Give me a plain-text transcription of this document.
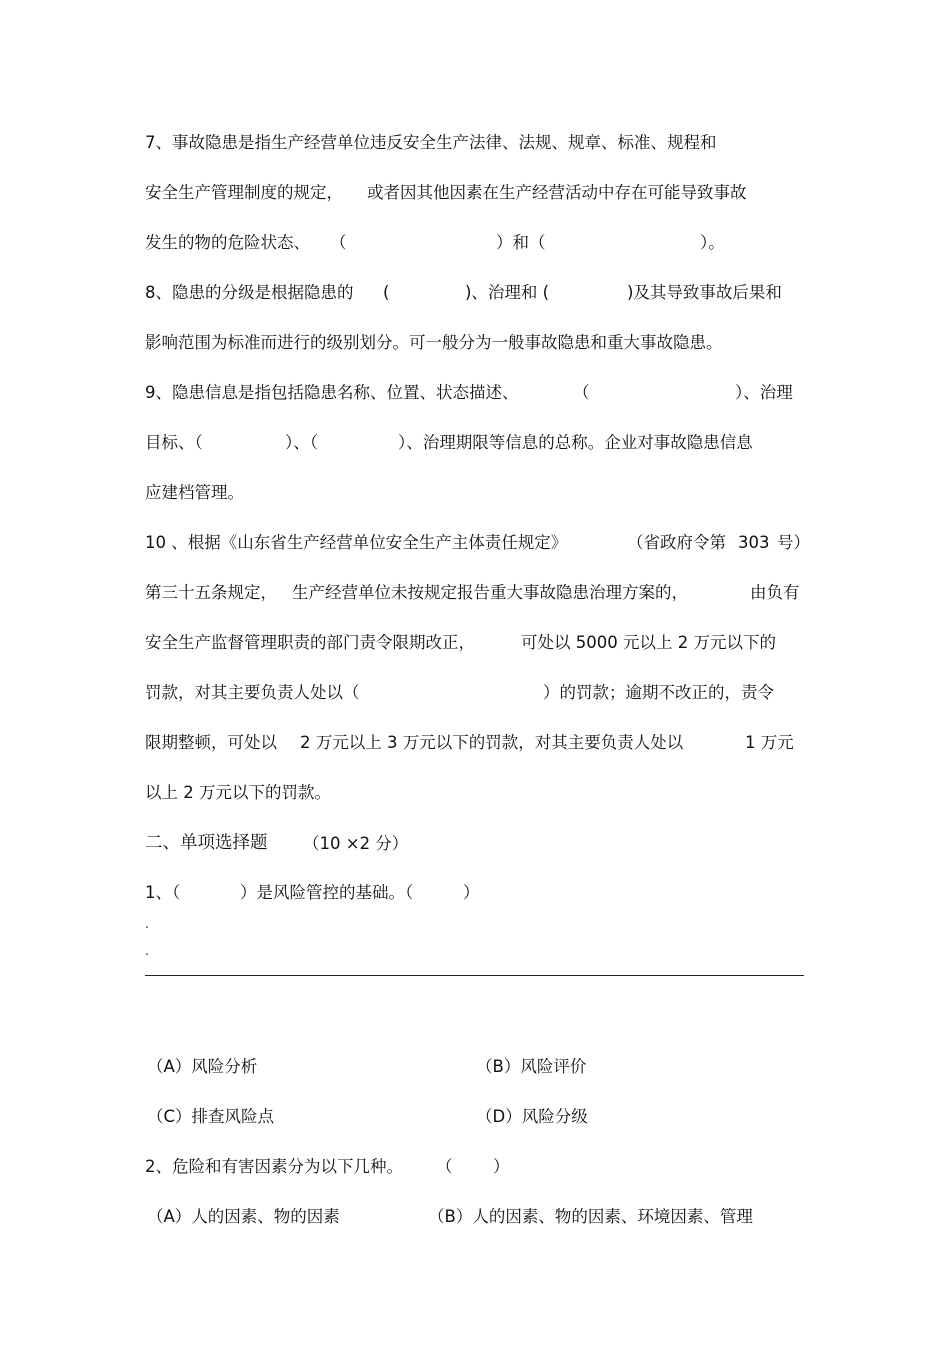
7、事故隐患是指生产经营单位违反安全生产法律、法规、规章、标准、规程和
安全生产管理制度的规定， 或者因其他因素在生产经营活动中存在可能导致事故
发生的物的危险状态、 （	）和（	）。
8、隐患的分级是根据隐患的 (	)、治理和 (	)及其导致事故后果和
影响范围为标准而进行的级别划分。可一般分为一般事故隐患和重大事故隐患。
9、隐患信息是指包括隐患名称、位置、状态描述、	（	）、治理
目标、（	）、（	）、治理期限等信息的总称。企业对事故隐患信息
应建档管理。
10 、根据《山东省生产经营单位安全生产主体责任规定》	（省政府令第 303 号）
第三十五条规定， 生产经营单位未按规定报告重大事故隐患治理方案的，	由负有
安全生产监督管理职责的部门责令限期改正，	可处以 5000 元以上 2 万元以下的
罚款，对其主要负责人处以（	）的罚款；逾期不改正的，责令
限期整顿，可处以 2 万元以上 3 万元以下的罚款，对其主要负责人处以	1 万元
以上 2 万元以下的罚款。
二、单项选择题 （10 ×2 分）
1、（	）是风险管控的基础。（	）
.
.
（A）风险分析	（B）风险评价
（C）排查风险点	（D）风险分级
2、危险和有害因素分为以下几种。 （ ）
（A）人的因素、物的因素	（B）人的因素、物的因素、环境因素、管理
